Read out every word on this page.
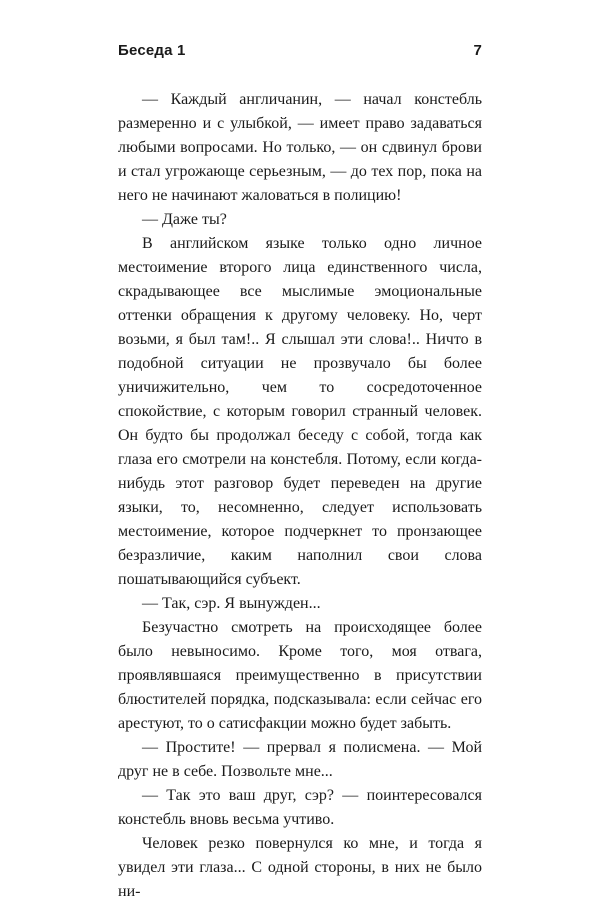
Беседа 1	7

— Каждый англичанин, — начал констебль размеренно и с улыбкой, — имеет право задаваться любыми вопросами. Но только, — он сдвинул брови и стал угрожающе серьезным, — до тех пор, пока на него не начинают жаловаться в полицию!

— Даже ты?

В английском языке только одно личное местоимение второго лица единственного числа, скрадывающее все мыслимые эмоциональные оттенки обращения к другому человеку. Но, черт возьми, я был там!.. Я слышал эти слова!.. Ничто в подобной ситуации не прозвучало бы более уничижительно, чем то сосредоточенное спокойствие, с которым говорил странный человек. Он будто бы продолжал беседу с собой, тогда как глаза его смотрели на констебля. Потому, если когда-нибудь этот разговор будет переведен на другие языки, то, несомненно, следует использовать местоимение, которое подчеркнет то пронзающее безразличие, каким наполнил свои слова пошатывающийся субъект.

— Так, сэр. Я вынужден...

Безучастно смотреть на происходящее более было невыносимо. Кроме того, моя отвага, проявлявшаяся преимущественно в присутствии блюстителей порядка, подсказывала: если сейчас его арестуют, то о сатисфакции можно будет забыть.

— Простите! — прервал я полисмена. — Мой друг не в себе. Позвольте мне...

— Так это ваш друг, сэр? — поинтересовался констебль вновь весьма учтиво.

Человек резко повернулся ко мне, и тогда я увидел эти глаза... С одной стороны, в них не было ни-
